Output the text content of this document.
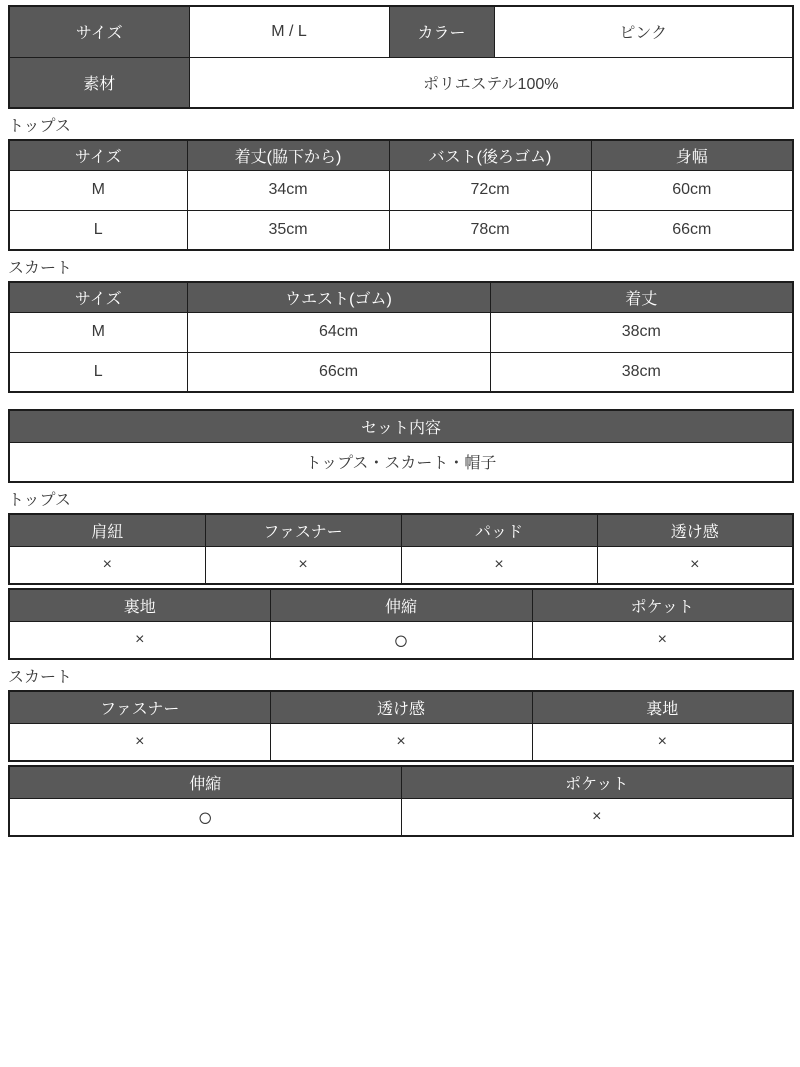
サイズ	M / L	カラー	ピンク
素材	ポリエステル100%		
トップス
サイズ	着丈(脇下から)	バスト(後ろゴム)	身幅
M	34cm	72cm	60cm
L	35cm	78cm	66cm
スカート
サイズ	ウエスト(ゴム)	着丈
M	64cm	38cm
L	66cm	38cm
セット内容
トップス・スカート・帽子
トップス
肩紐	ファスナー	パッド	透け感
×	×	×	×
裏地	伸縮	ポケット
×	○	×
スカート
ファスナー	透け感	裏地
×	×	×
伸縮	ポケット
○	×
